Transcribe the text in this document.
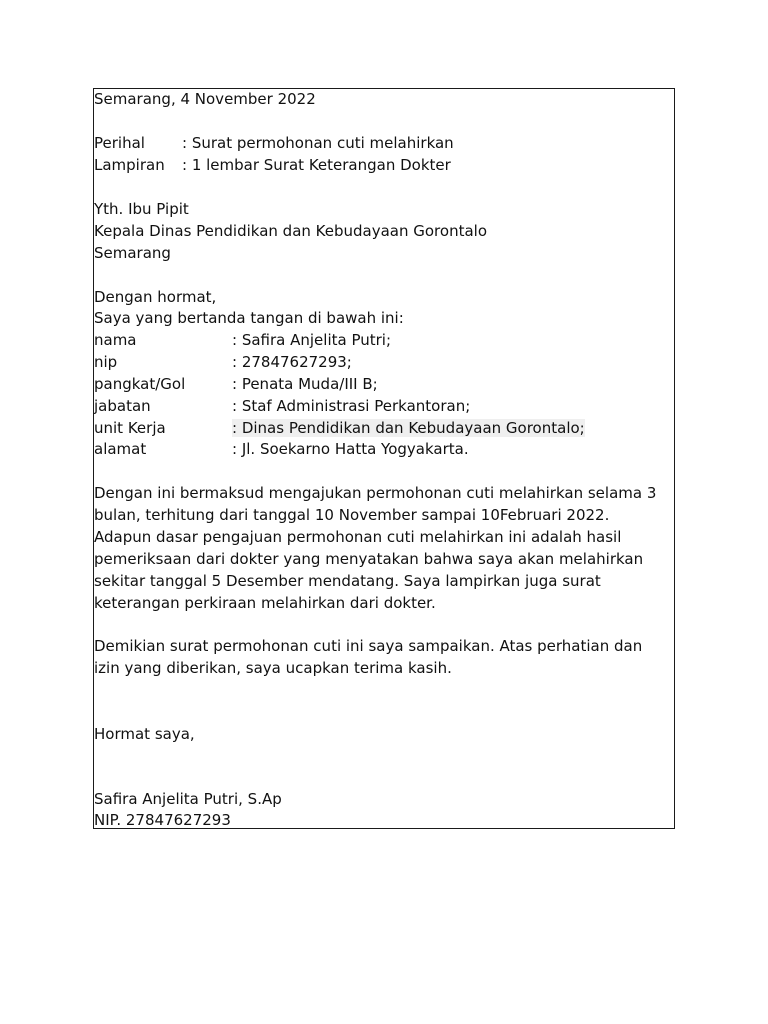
Semarang, 4 November 2022
Perihal : Surat permohonan cuti melahirkan
Lampiran : 1 lembar Surat Keterangan Dokter
Yth. Ibu Pipit
Kepala Dinas Pendidikan dan Kebudayaan Gorontalo
Semarang
Dengan hormat,
Saya yang bertanda tangan di bawah ini:
nama	: Safira Anjelita Putri;
nip	: 27847627293;
pangkat/Gol	: Penata Muda/III B;
jabatan	: Staf Administrasi Perkantoran;
unit Kerja	: Dinas Pendidikan dan Kebudayaan Gorontalo;
alamat	: Jl. Soekarno Hatta Yogyakarta.
Dengan ini bermaksud mengajukan permohonan cuti melahirkan selama 3
bulan, terhitung dari tanggal 10 November sampai 10Februari 2022.
Adapun dasar pengajuan permohonan cuti melahirkan ini adalah hasil
pemeriksaan dari dokter yang menyatakan bahwa saya akan melahirkan
sekitar tanggal 5 Desember mendatang. Saya lampirkan juga surat
keterangan perkiraan melahirkan dari dokter.
Demikian surat permohonan cuti ini saya sampaikan. Atas perhatian dan
izin yang diberikan, saya ucapkan terima kasih.
Hormat saya,
Safira Anjelita Putri, S.Ap
NIP. 27847627293
